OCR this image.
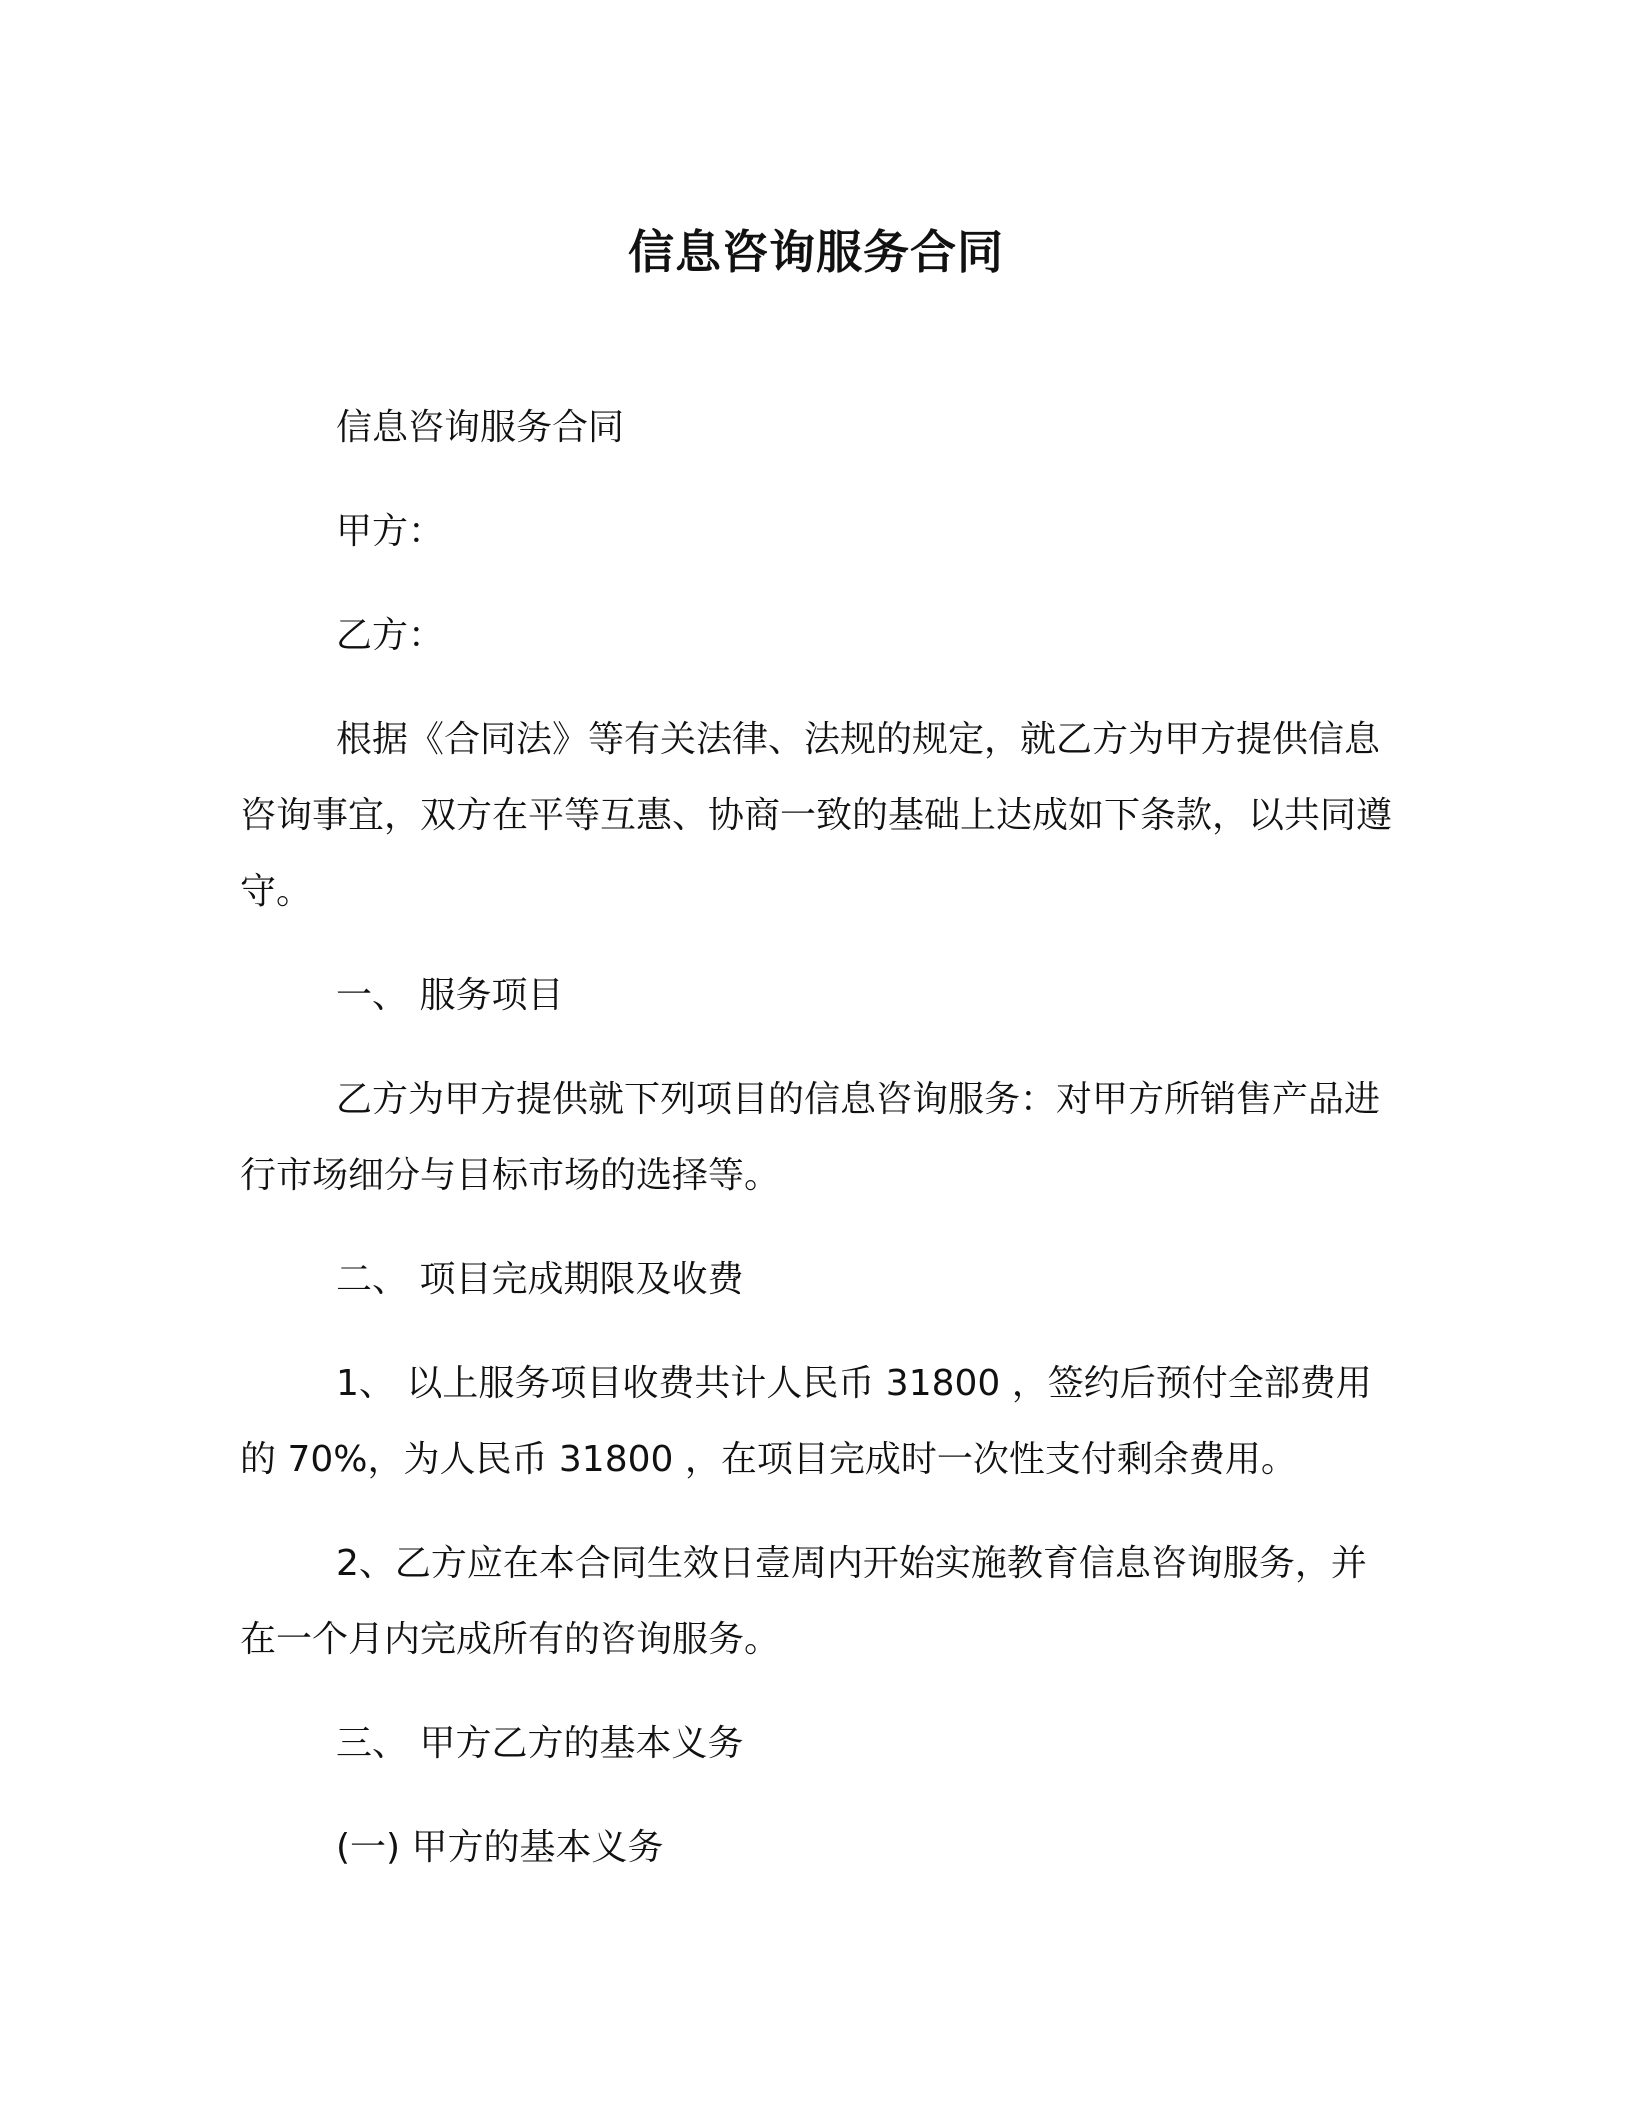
信息咨询服务合同

信息咨询服务合同

甲方：

乙方：

根据《合同法》等有关法律、法规的规定，就乙方为甲方提供信息咨询事宜，双方在平等互惠、协商一致的基础上达成如下条款，以共同遵守。

一、 服务项目

乙方为甲方提供就下列项目的信息咨询服务：对甲方所销售产品进行市场细分与目标市场的选择等。

二、 项目完成期限及收费

1、 以上服务项目收费共计人民币 31800 ，签约后预付全部费用的 70%，为人民币 31800 ，在项目完成时一次性支付剩余费用。

2、乙方应在本合同生效日壹周内开始实施教育信息咨询服务，并在一个月内完成所有的咨询服务。

三、 甲方乙方的基本义务

(一) 甲方的基本义务
